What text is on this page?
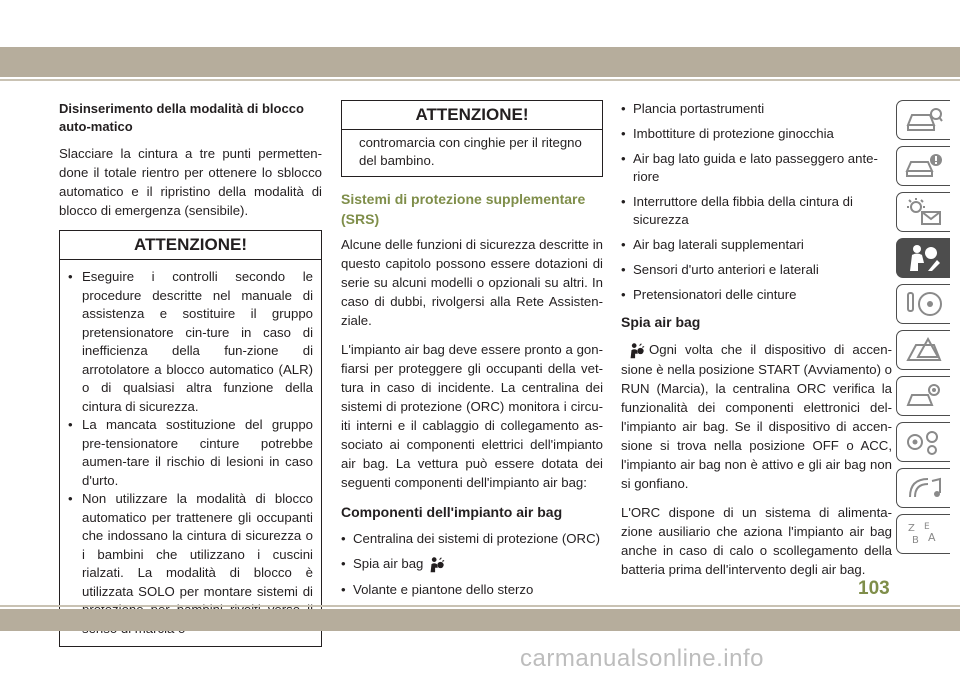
Disinserimento della modalità di blocco auto-matico

Slacciare la cintura a tre punti permetten-done il totale rientro per ottenere lo sblocco automatico e il ripristino della modalità di blocco di emergenza (sensibile).

ATTENZIONE!
• Eseguire i controlli secondo le procedure descritte nel manuale di assistenza e sostituire il gruppo pretensionatore cin-ture in caso di inefficienza della fun-zione di arrotolatore a blocco automatico (ALR) o di qualsiasi altra funzione della cintura di sicurezza.
• La mancata sostituzione del gruppo pre-tensionatore cinture potrebbe aumen-tare il rischio di lesioni in caso d'urto.
• Non utilizzare la modalità di blocco automatico per trattenere gli occupanti che indossano la cintura di sicurezza o i bambini che utilizzano i cuscini rialzati. La modalità di blocco è utilizzata SOLO per montare sistemi di
ATTENZIONE!
contromarcia con cinghie per il ritegno del bambino.
Sistemi di protezione supplementare (SRS)

Alcune delle funzioni di sicurezza descritte in questo capitolo possono essere dotazioni di serie su alcuni modelli o opzionali su altri. In caso di dubbi, rivolgersi alla Rete Assisten-ziale.

L'impianto air bag deve essere pronto a gon-fiarsi per proteggere gli occupanti della vet-tura in caso di incidente. La centralina dei sistemi di protezione (ORC) monitora i circu-iti interni e il cablaggio di collegamento as-sociato ai componenti elettrici dell'impianto air bag. La vettura può essere dotata dei seguenti componenti dell'impianto air bag:

Componenti dell'impianto air bag
• Centralina dei sistemi di protezione (ORC)
• Spia air bag
• Volante e piantone dello sterzo
• Plancia portastrumenti
• Imbottiture di protezione ginocchia
• Air bag lato guida e lato passeggero ante-riore
• Interruttore della fibbia della cintura di sicurezza
• Air bag laterali supplementari
• Sensori d'urto anteriori e laterali
• Pretensionatori delle cinture
Spia air bag

Ogni volta che il dispositivo di accen-sione è nella posizione START (Avviamento) o RUN (Marcia), la centralina ORC verifica la funzionalità dei componenti elettronici del-l'impianto air bag. Se il dispositivo di accen-sione si trova nella posizione OFF o ACC, l'impianto air bag non è attivo e gli air bag non si gonfiano.

L'ORC dispone di un sistema di alimenta-zione ausiliario che aziona l'impianto air bag anche in caso di calo o scollegamento della batteria prima dell'intervento degli air bag.

Z E
B A
103
carmanualsonline.info
